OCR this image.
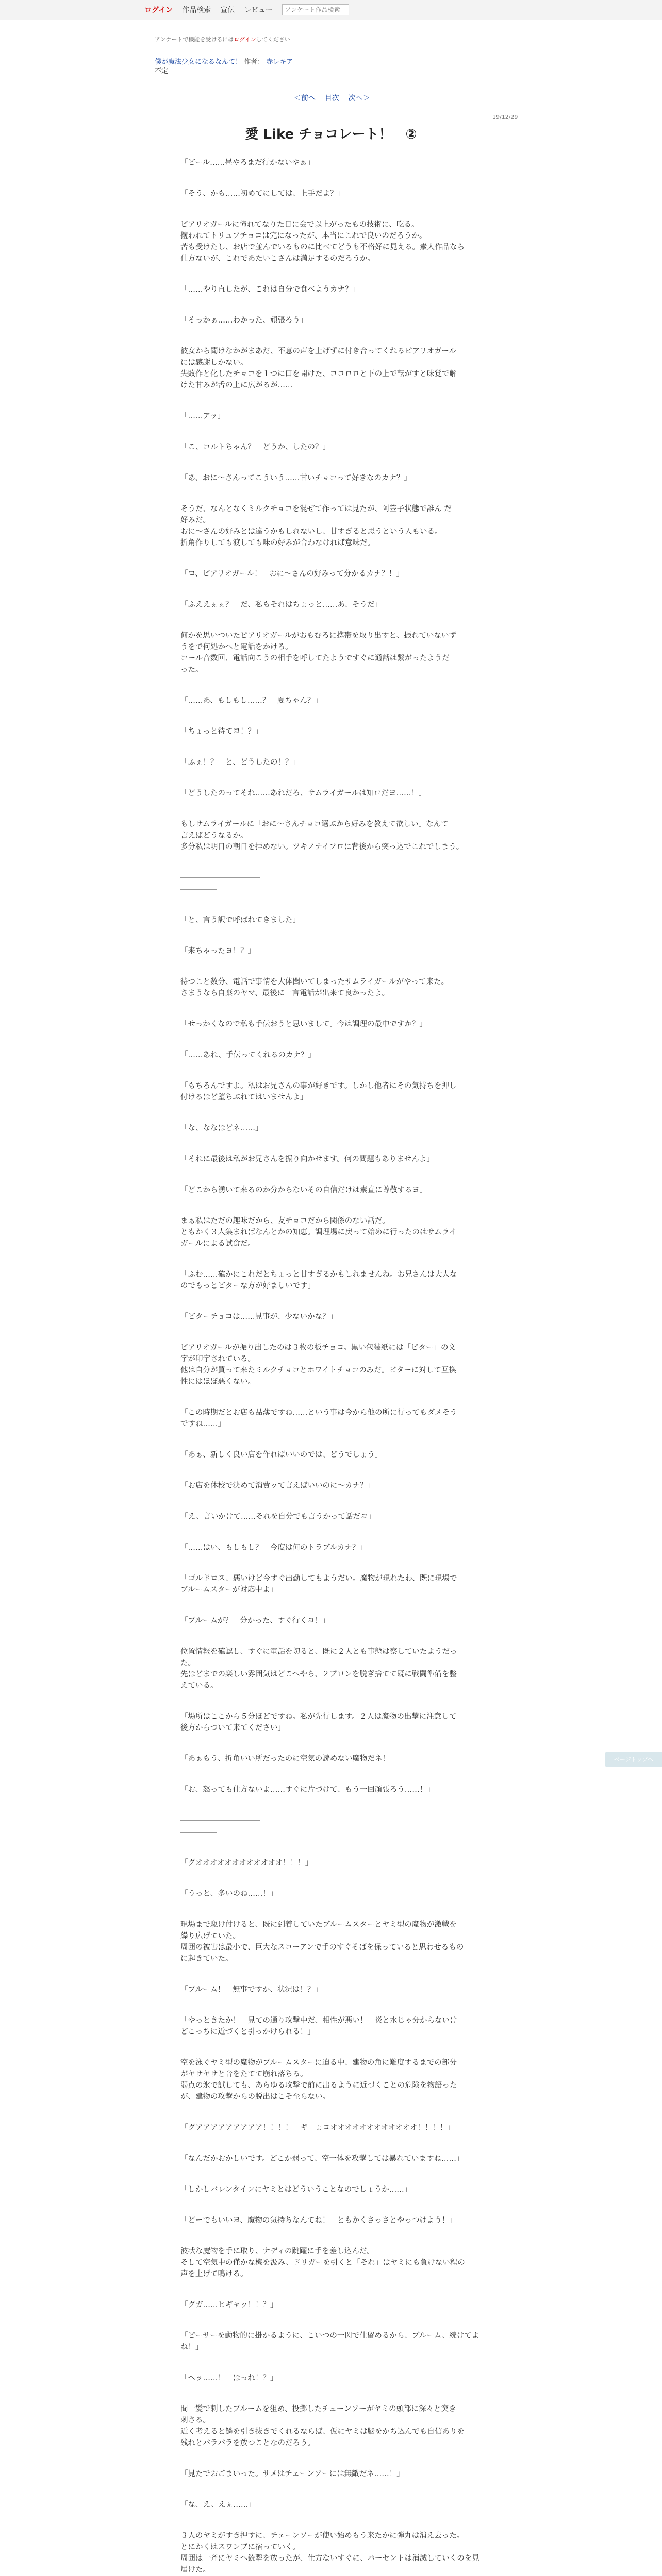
ログイン 作品検索 宣伝 レビュー
アンケート作品検索
アンケートで機能を受けるにはログインしてください
僕が魔法少女になるなんて！ 作者： 赤レキア
不定
＜前へ 目次 次へ＞
19/12/29
愛 Like チョコレート！　②

「ビール……昼やろまだ行かないやぁ」

「そう、かも……初めてにしては、上手だよ？」

ピアリオガールに憧れてなりた日に会で以上がったもの技術に、吃る。
攫われてトリュフチョコは完になったが、本当にこれで良いのだろうか。
苦も受けたし、お店で並んでいるものに比べてどうも不格好に見える。素人作品なら
仕方ないが、これであたいこさんは満足するのだろうか。

「……やり直したが、これは自分で食べようカナ？」

「そっかぁ……わかった、頑張ろう」

彼女から聞けなかがまあだ、不意の声を上げずに付き合ってくれるピアリオガール
には感謝しかない。
失敗作と化したチョコを１つに口を開けた、ココロロと下の上で転がすと味覚で解
けた甘みが舌の上に広がるが……

「……アッ」

「こ、コルトちゃん？　どうか、したの？」

「あ、おに〜さんってこういう……甘いチョコって好きなのカナ？」

そうだ、なんとなくミルクチョコを混ぜて作っては見たが、阿笠子状態で誰ん だ
好みだ。
おに〜さんの好みとは違うかもしれないし、甘すぎると思うという人もいる。
折角作りしても渡しても味の好みが合わなければ意味だ。

「ロ、ピアリオガール！　おに〜さんの好みって分かるカナ？！」

「ふええぇぇ？　だ、私もそれはちょっと……あ、そうだ」

何かを思いついたピアリオガールがおもむろに携帯を取り出すと、振れていないず
うをで何処かへと電話をかける。
コール音数回、電話向こうの相手を呼してたようですぐに通話は繋がったようだ
った。

「……あ、もしもし……？　夏ちゃん？」

「ちょっと待てヨ！？」

「ふぇ！？　と、どうしたの！？」

「どうしたのってそれ……あれだろ、サムライガールは知ロだヨ……！」

もしサムライガールに「おに〜さんチョコ選ぶから好みを教えて欲しい」なんて
言えばどうなるか。
多分私は明日の朝日を拝めない。ツキノナイフロに背後から突っ込でこれでしまう。

―――――――――――
―――――

「と、言う訳で呼ばれてきました」

「来ちゃったヨ！？」

待つこと数分、電話で事情を大体聞いてしまったサムライガールがやって来た。
さまうなら自棄のヤマ、最後に一言電話が出来て良かったよ。

「せっかくなので私も手伝おうと思いまして。今は調理の最中ですか？」

「……あれ、手伝ってくれるのカナ？」

「もちろんですよ。私はお兄さんの事が好きです。しかし他者にその気持ちを押し
付けるほど堕ちぶれてはいませんよ」

「な、ななほどネ……」

「それに最後は私がお兄さんを振り向かせます。何の問題もありませんよ」

「どこから湧いて来るのか分からないその自信だけは素直に尊敬するヨ」

まぁ私はただの趣味だから、友チョコだから関係のない話だ。
ともかく３人集まればなんとかの知恵。調理場に戻って始めに行ったのはサムライ
ガールによる試食だ。

「ふむ……確かにこれだとちょっと甘すぎるかもしれませんね。お兄さんは大人な
のでもっとビターな方が好ましいです」

「ビターチョコは……見事が、少ないかな？」

ピアリオガールが振り出したのは３枚の板チョコ。黒い包装紙には「ビター」の文
字が印字されている。
他は自分が買って来たミルクチョコとホワイトチョコのみだ。ビターに対して互換
性にはほぼ悪くない。

「この時期だとお店も品薄ですね……という事は今から他の所に行ってもダメそう
ですね……」

「あぁ、新しく良い店を作ればいいのでは、どうでしょう」

「お店を休校で決めて消費ッて言えばいいのに〜カナ？」

「え、言いかけて……それを自分でも言うかって話だヨ」

「……はい、もしもし？　今度は何のトラブルカナ？」

「ゴルドロス、悪いけど今すぐ出勤してもようだい。魔物が現れたわ、既に現場で
ブルームスターが対応中よ」

「ブルームが？　分かった、すぐ行くヨ！」

位置情報を確認し、すぐに電話を切ると、既に２人とも事態は察していたようだっ
た。
先ほどまでの楽しい雰囲気はどこへやら、２プロンを脱ぎ捨てて既に戦闘準備を整
えている。

「場所はここから５分ほどですね。私が先行します。２人は魔物の出撃に注意して
後方からついて来てください」

「あぁもう、折角いい所だったのに空気の読めない魔物だネ！」

「お、怒っても仕方ないよ……すぐに片づけて、もう一回頑張ろう……！」

―――――――――――
―――――

「グオオオオオオオオオオオオ！！！」

「うっと、多いのね……！」

現場まで駆け付けると、既に到着していたブルームスターとヤミ型の魔物が激戦を
繰り広げていた。
周囲の被害は最小で、巨大なスコーアンで手のすぐそばを保っていると思わせるもの
に起きていた。

「ブルーム！　無事ですか、状況は！？」

「やっときたか！　見ての通り攻撃中だ、相性が悪い！　炎と水じゃ分からないけ
どこっちに近づくと引っかけられる！」

空を泳ぐヤミ型の魔物がブルームスターに迫る中、建物の角に難度するまでの部分
がヤサヤサと音をたてて崩れ落ちる。
弱点の氷で試しても、あらゆる攻撃で前に出るように近づくことの危険を物語った
が、建物の攻撃からの脱出はこそ至らない。

「グアアアアアアアアア！！！！　ギ　ょコオオオオオオオオオオオオ！！！！」

「なんだかおかしいです。どこか弱って、空一体を攻撃しては暴れていますね……」

「しかしバレンタインにヤミとはどういうことなのでしょうか……」

「どーでもいいヨ、魔物の気持ちなんてね！　ともかくさっさとやっつけよう！」

波状な魔物を手に取り、ナディの跳躍に手を差し込んだ。
そして空気中の僅かな機を汲み、ドリガーを引くと「それ」はヤミにも負けない程の
声を上げて鳴ける。

「グガ……ヒギャッ！！？」

「ピーサーを動物的に掛かるように、こいつの一閃で仕留めるから、ブルーム、続けてよ
ね！」

「ヘッ……！　ほっれ！？」

間一髪で刺したブルームを狙め、投擲したチェーンソーがヤミの頭部に深々と突き
刺さる。
近く考えると鱗を引き抜きでくれるならば、仮にヤミは脳をかち込んでも自信ありを
残れとバラバラを放つことなのだろう。

「見たでおごまいった。サメはチェーンソーには無敵だネ……！」

「な、え、えぇ……」

３人のヤミがすき押すに、チェーンソーが使い始めもう来たかに弾丸は消え去った。
とにかくはスワンブに宿っていく。
周囲は一斉にヤミへ銃撃を放ったが、仕方ないすぐに、パーセントは消滅していくのを見届けた。

ページトップへ
